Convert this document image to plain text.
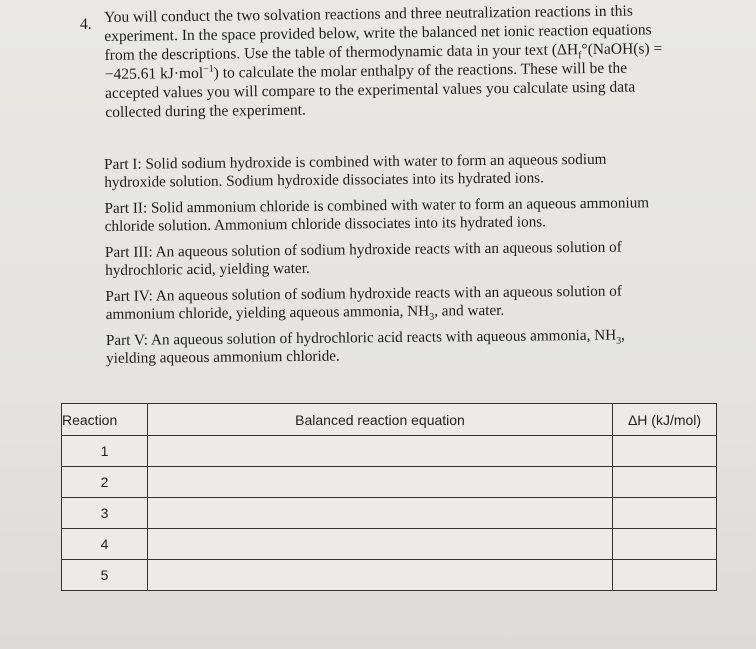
4. You will conduct the two solvation reactions and three neutralization reactions in this
experiment. In the space provided below, write the balanced net ionic reaction equations
from the descriptions. Use the table of thermodynamic data in your text ($\Delta H_f^\circ(NaOH(s)$ =
−425.61 kJ·mol$^{-1}$) to calculate the molar enthalpy of the reactions. These will be the
accepted values you will compare to the experimental values you calculate using data
collected during the experiment.
Part I: Solid sodium hydroxide is combined with water to form an aqueous sodium
hydroxide solution. Sodium hydroxide dissociates into its hydrated ions.
Part II: Solid ammonium chloride is combined with water to form an aqueous ammonium
chloride solution. Ammonium chloride dissociates into its hydrated ions.
Part III: An aqueous solution of sodium hydroxide reacts with an aqueous solution of
hydrochloric acid, yielding water.
Part IV: An aqueous solution of sodium hydroxide reacts with an aqueous solution of
ammonium chloride, yielding aqueous ammonia, $NH_3$, and water.
Part V: An aqueous solution of hydrochloric acid reacts with aqueous ammonia, $NH_3$,
yielding aqueous ammonium chloride.
Reaction	Balanced reaction equation	ΔH (kJ/mol)
1		
2		
3		
4		
5		
